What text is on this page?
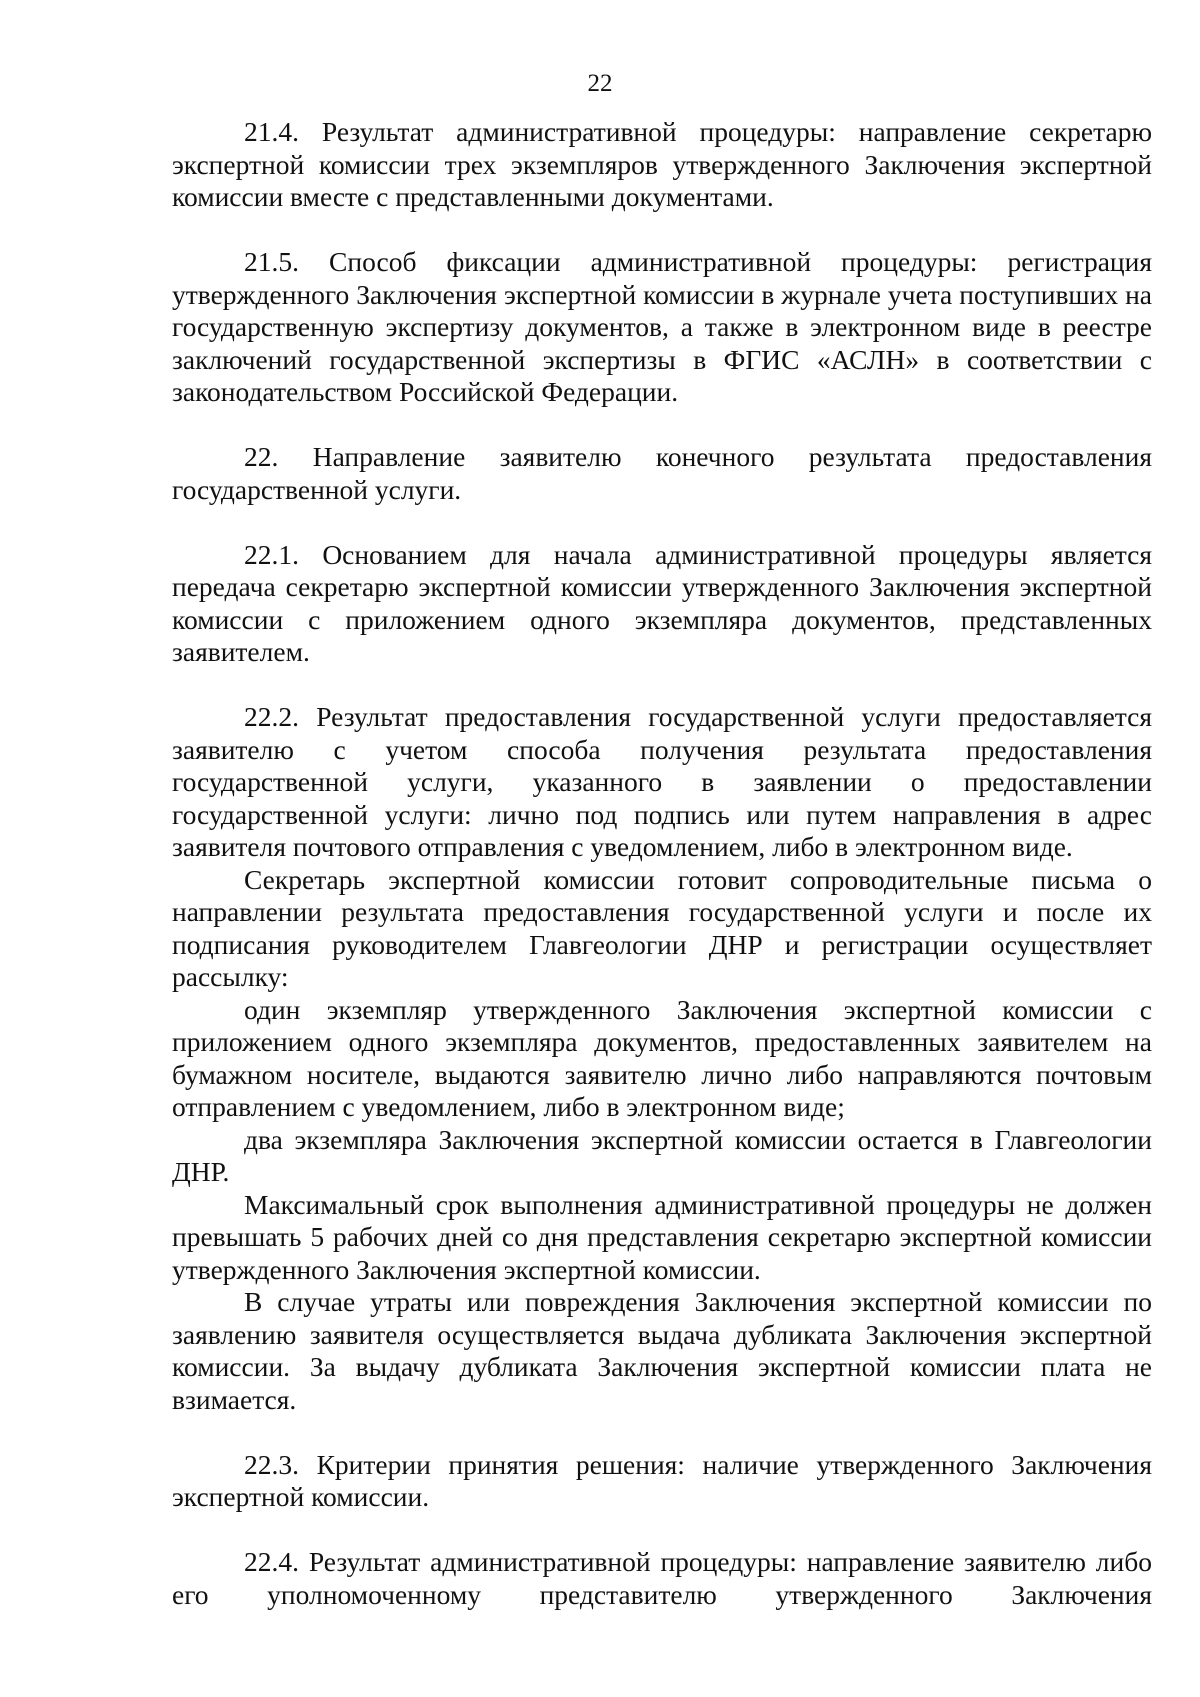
22

21.4. Результат административной процедуры: направление секретарю экспертной комиссии трех экземпляров утвержденного Заключения экспертной комиссии вместе с представленными документами.

21.5. Способ фиксации административной процедуры: регистрация утвержденного Заключения экспертной комиссии в журнале учета поступивших на государственную экспертизу документов, а также в электронном виде в реестре заключений государственной экспертизы в ФГИС «АСЛН» в соответствии с законодательством Российской Федерации.

22. Направление заявителю конечного результата предоставления государственной услуги.

22.1. Основанием для начала административной процедуры является передача секретарю экспертной комиссии утвержденного Заключения экспертной комиссии с приложением одного экземпляра документов, представленных заявителем.

22.2. Результат предоставления государственной услуги предоставляется заявителю с учетом способа получения результата предоставления государственной услуги, указанного в заявлении о предоставлении государственной услуги: лично под подпись или путем направления в адрес заявителя почтового отправления с уведомлением, либо в электронном виде.

Секретарь экспертной комиссии готовит сопроводительные письма о направлении результата предоставления государственной услуги и после их подписания руководителем Главгеологии ДНР и регистрации осуществляет рассылку:

один экземпляр утвержденного Заключения экспертной комиссии с приложением одного экземпляра документов, предоставленных заявителем на бумажном носителе, выдаются заявителю лично либо направляются почтовым отправлением с уведомлением, либо в электронном виде;

два экземпляра Заключения экспертной комиссии остается в Главгеологии ДНР.

Максимальный срок выполнения административной процедуры не должен превышать 5 рабочих дней со дня представления секретарю экспертной комиссии утвержденного Заключения экспертной комиссии.

В случае утраты или повреждения Заключения экспертной комиссии по заявлению заявителя осуществляется выдача дубликата Заключения экспертной комиссии. За выдачу дубликата Заключения экспертной комиссии плата не взимается.

22.3. Критерии принятия решения: наличие утвержденного Заключения экспертной комиссии.

22.4. Результат административной процедуры: направление заявителю либо его уполномоченному представителю утвержденного Заключения
